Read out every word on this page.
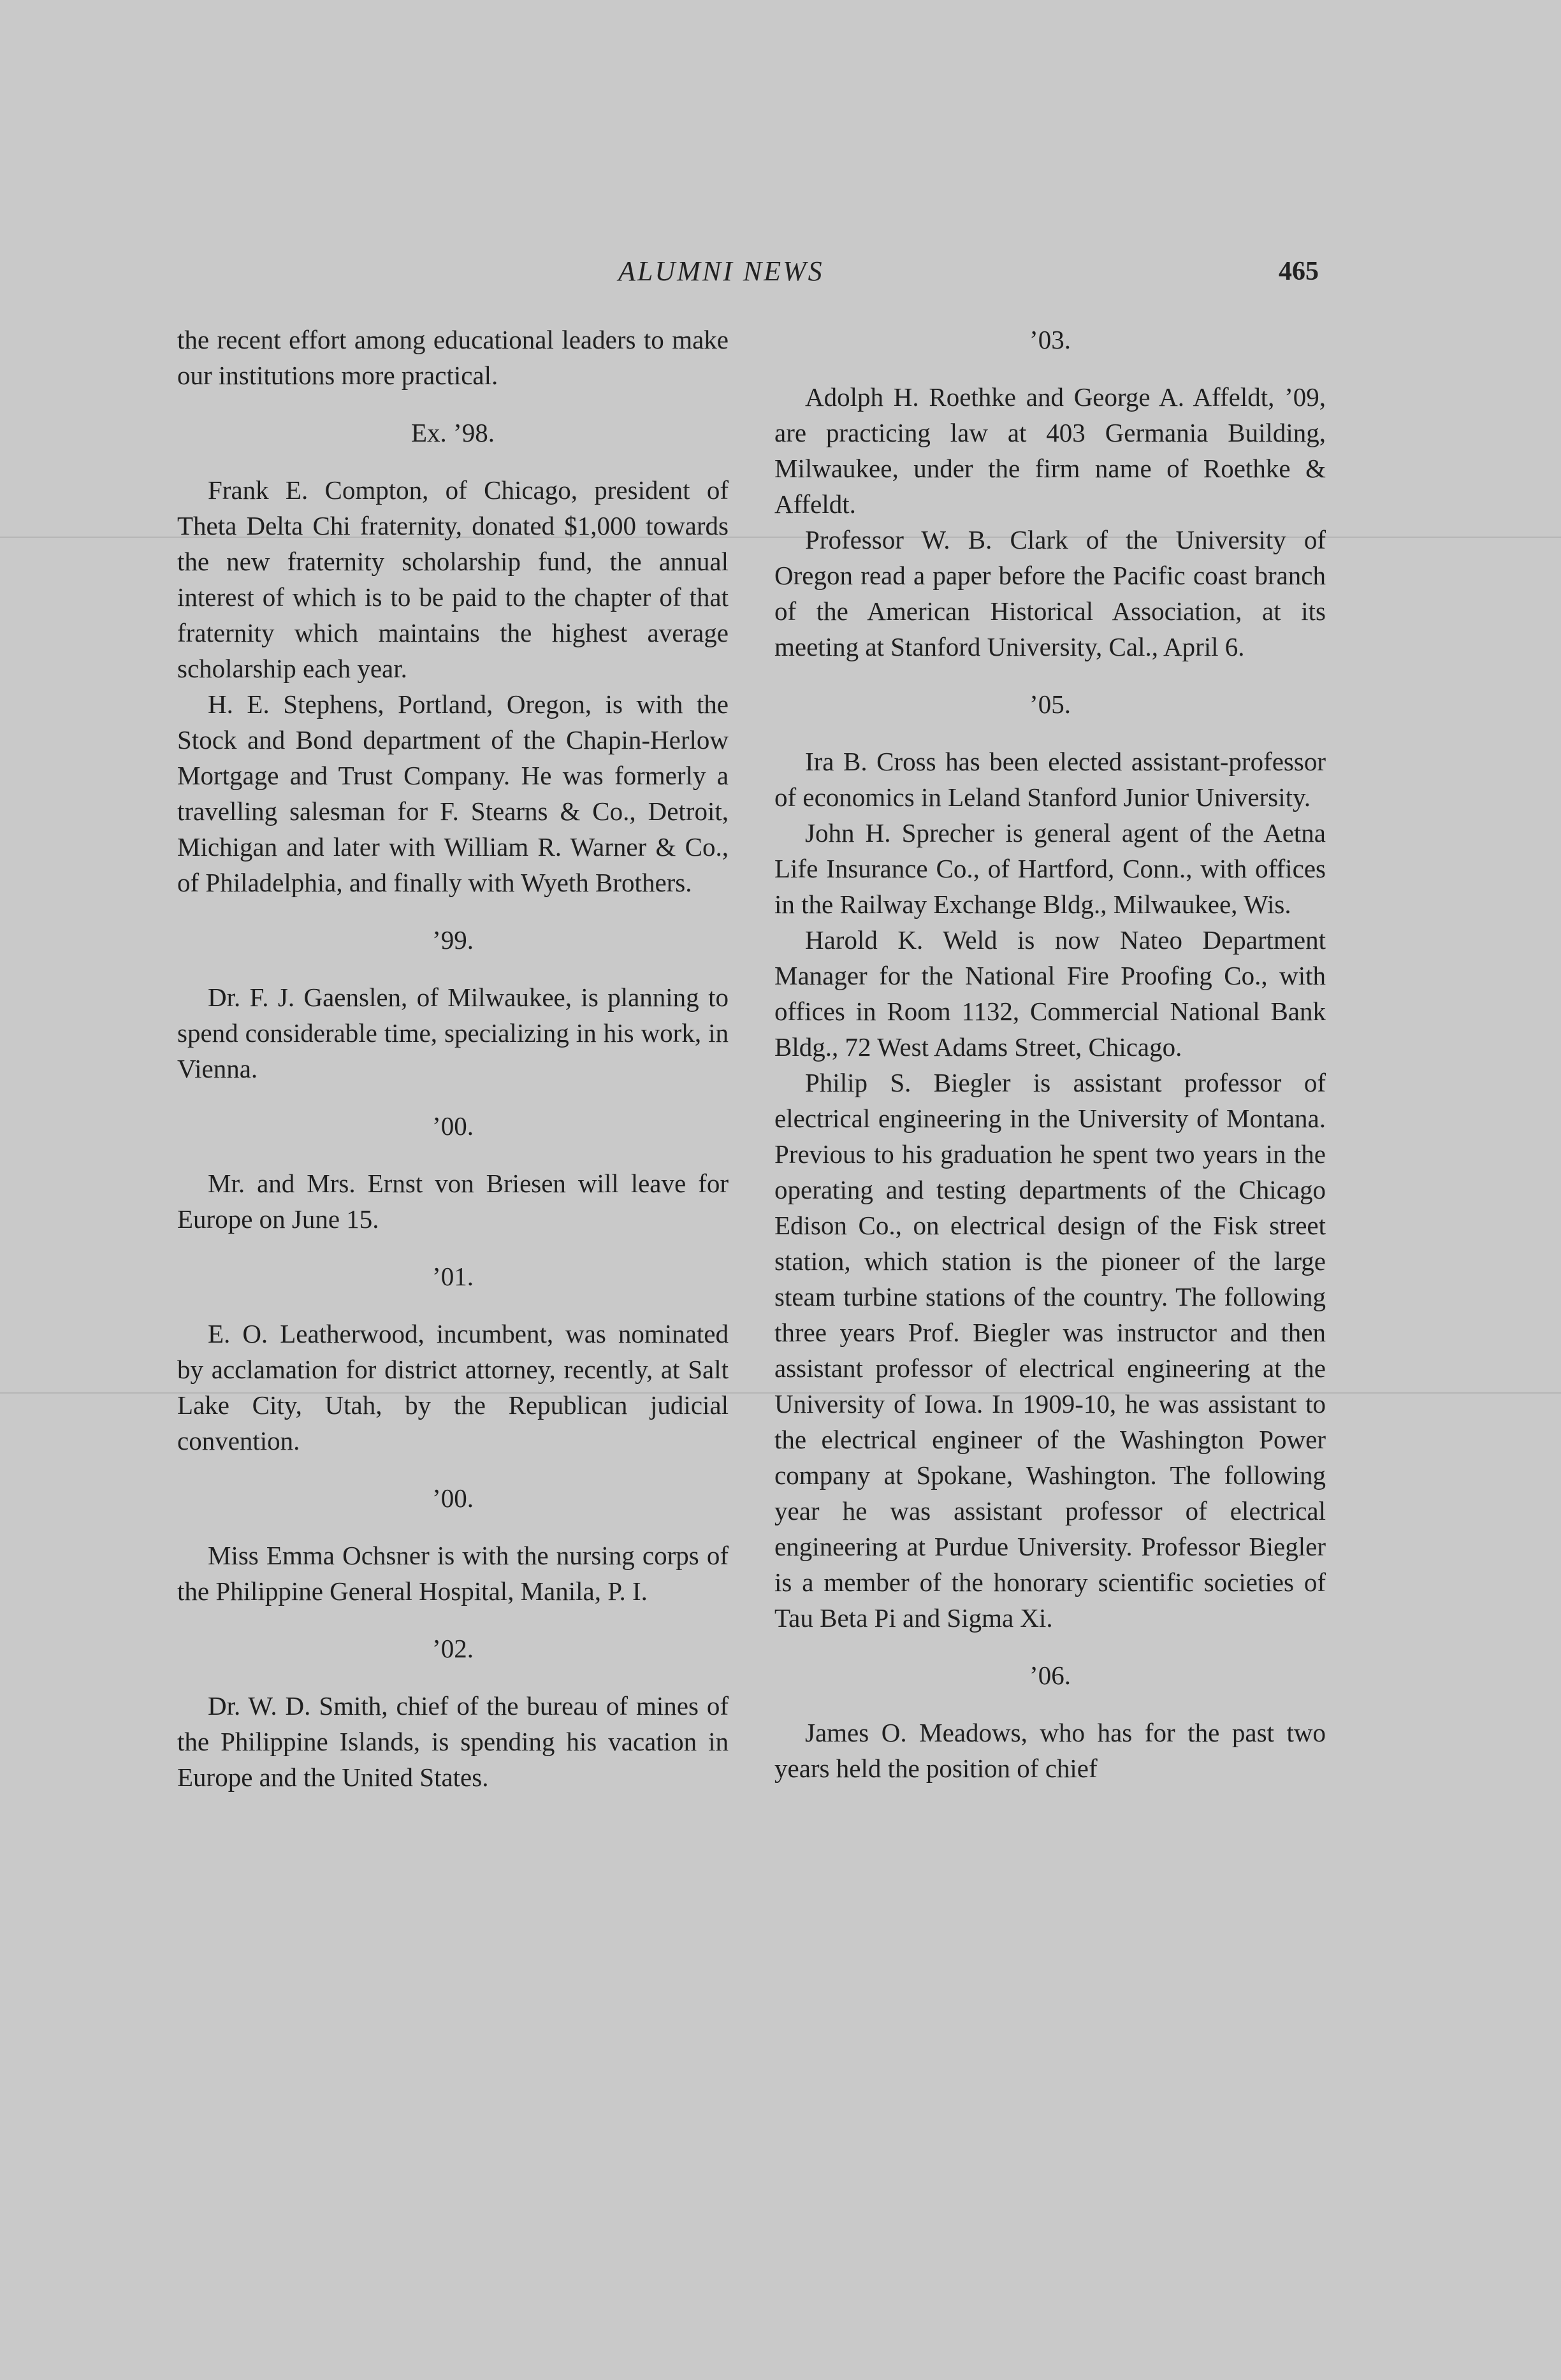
ALUMNI NEWS	465

the recent effort among educational leaders to make our institutions more practical.

Ex. ’98.

Frank E. Compton, of Chicago, president of Theta Delta Chi fraternity, donated $1,000 towards the new fraternity scholarship fund, the annual interest of which is to be paid to the chapter of that fraternity which maintains the highest average scholarship each year.

H. E. Stephens, Portland, Oregon, is with the Stock and Bond department of the Chapin-Herlow Mortgage and Trust Company. He was formerly a travelling salesman for F. Stearns & Co., Detroit, Michigan and later with William R. Warner & Co., of Philadelphia, and finally with Wyeth Brothers.

’99.

Dr. F. J. Gaenslen, of Milwaukee, is planning to spend considerable time, specializing in his work, in Vienna.

’00.

Mr. and Mrs. Ernst von Briesen will leave for Europe on June 15.

’01.

E. O. Leatherwood, incumbent, was nominated by acclamation for district attorney, recently, at Salt Lake City, Utah, by the Republican judicial convention.

’00.

Miss Emma Ochsner is with the nursing corps of the Philippine General Hospital, Manila, P. I.

’02.

Dr. W. D. Smith, chief of the bureau of mines of the Philippine Islands, is spending his vacation in Europe and the United States.

’03.

Adolph H. Roethke and George A. Affeldt, ’09, are practicing law at 403 Germania Building, Milwaukee, under the firm name of Roethke & Affeldt.

Professor W. B. Clark of the University of Oregon read a paper before the Pacific coast branch of the American Historical Association, at its meeting at Stanford University, Cal., April 6.

’05.

Ira B. Cross has been elected assistant-professor of economics in Leland Stanford Junior University.

John H. Sprecher is general agent of the Aetna Life Insurance Co., of Hartford, Conn., with offices in the Railway Exchange Bldg., Milwaukee, Wis.

Harold K. Weld is now Nateo Department Manager for the National Fire Proofing Co., with offices in Room 1132, Commercial National Bank Bldg., 72 West Adams Street, Chicago.

Philip S. Biegler is assistant professor of electrical engineering in the University of Montana. Previous to his graduation he spent two years in the operating and testing departments of the Chicago Edison Co., on electrical design of the Fisk street station, which station is the pioneer of the large steam turbine stations of the country. The following three years Prof. Biegler was instructor and then assistant professor of electrical engineering at the University of Iowa. In 1909-10, he was assistant to the electrical engineer of the Washington Power company at Spokane, Washington. The following year he was assistant professor of electrical engineering at Purdue University. Professor Biegler is a member of the honorary scientific societies of Tau Beta Pi and Sigma Xi.

’06.

James O. Meadows, who has for the past two years held the position of chief
